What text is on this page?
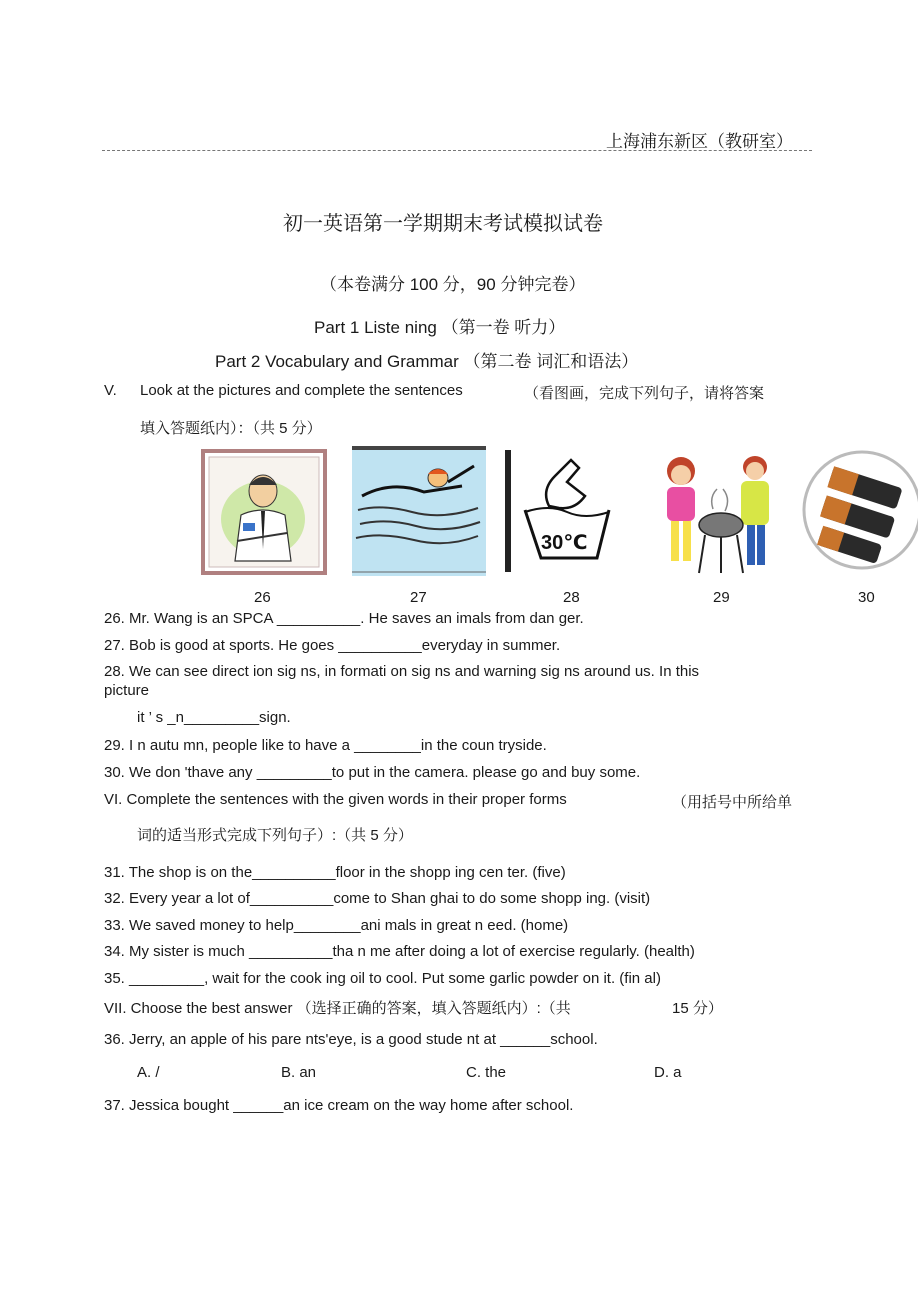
上海浦东新区（教研室）
初一英语第一学期期末考试模拟试卷
（本卷满分 100 分，90 分钟完卷）
Part 1 Liste ning （第一卷 听力）
Part 2 Vocabulary and Grammar （第二卷 词汇和语法）
V. Look at the pictures and complete the sentences	（看图画，完成下列句子，请将答案
填入答题纸内）：（共 5 分）
30℃
26	27	28	29	30
26. Mr. Wang is an SPCA __________. He saves an imals from dan ger.
27. Bob is good at sports. He goes __________everyday in summer.
28. We can see direct ion sig ns, in formati on sig ns and warning sig ns around us. In this
picture
it ’ s _n_________sign.
29. I n autu mn, people like to have a ________in the coun tryside.
30. We don 'thave any _________to put in the camera. please go and buy some.
VI. Complete the sentences with the given words in their proper forms	（用括号中所给单
词的适当形式完成下列句子）:（共 5 分）
31. The shop is on the__________floor in the shopp ing cen ter. (five)
32. Every year a lot of__________come to Shan ghai to do some shopp ing. (visit)
33. We saved money to help________ani mals in great n eed. (home)
34. My sister is much __________tha n me after doing a lot of exercise regularly. (health)
35. _________, wait for the cook ing oil to cool. Put some garlic powder on it. (fin al)
VII. Choose the best answer （选择正确的答案，填入答题纸内）:（共	15 分）
36. Jerry, an apple of his pare nts'eye, is a good stude nt at ______school.
A. /	B. an	C. the	D. a
37. Jessica bought ______an ice cream on the way home after school.
